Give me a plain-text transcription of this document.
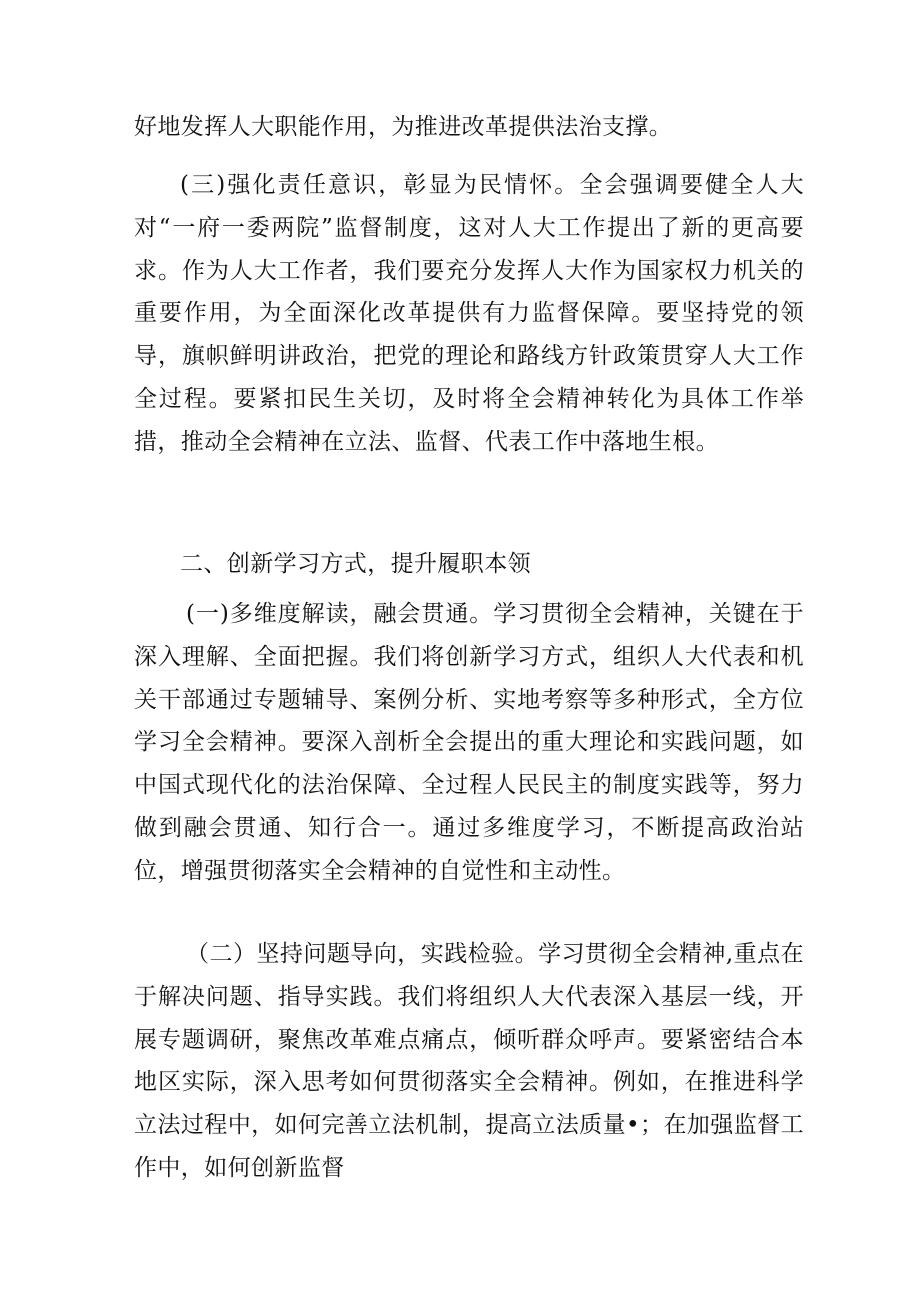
好地发挥人大职能作用，为推进改革提供法治支撑。

(三)强化责任意识，彰显为民情怀。全会强调要健全人大对“一府一委两院”监督制度，这对人大工作提出了新的更高要求。作为人大工作者，我们要充分发挥人大作为国家权力机关的重要作用，为全面深化改革提供有力监督保障。要坚持党的领导，旗帜鲜明讲政治，把党的理论和路线方针政策贯穿人大工作全过程。要紧扣民生关切，及时将全会精神转化为具体工作举措，推动全会精神在立法、监督、代表工作中落地生根。

二、创新学习方式，提升履职本领

(一)多维度解读，融会贯通。学习贯彻全会精神，关键在于深入理解、全面把握。我们将创新学习方式，组织人大代表和机关干部通过专题辅导、案例分析、实地考察等多种形式，全方位学习全会精神。要深入剖析全会提出的重大理论和实践问题，如中国式现代化的法治保障、全过程人民民主的制度实践等，努力做到融会贯通、知行合一。通过多维度学习，不断提高政治站位，增强贯彻落实全会精神的自觉性和主动性。

（二）坚持问题导向，实践检验。学习贯彻全会精神,重点在于解决问题、指导实践。我们将组织人大代表深入基层一线，开展专题调研，聚焦改革难点痛点，倾听群众呼声。要紧密结合本地区实际，深入思考如何贯彻落实全会精神。例如，在推进科学立法过程中，如何完善立法机制，提高立法质量•；在加强监督工作中，如何创新监督
